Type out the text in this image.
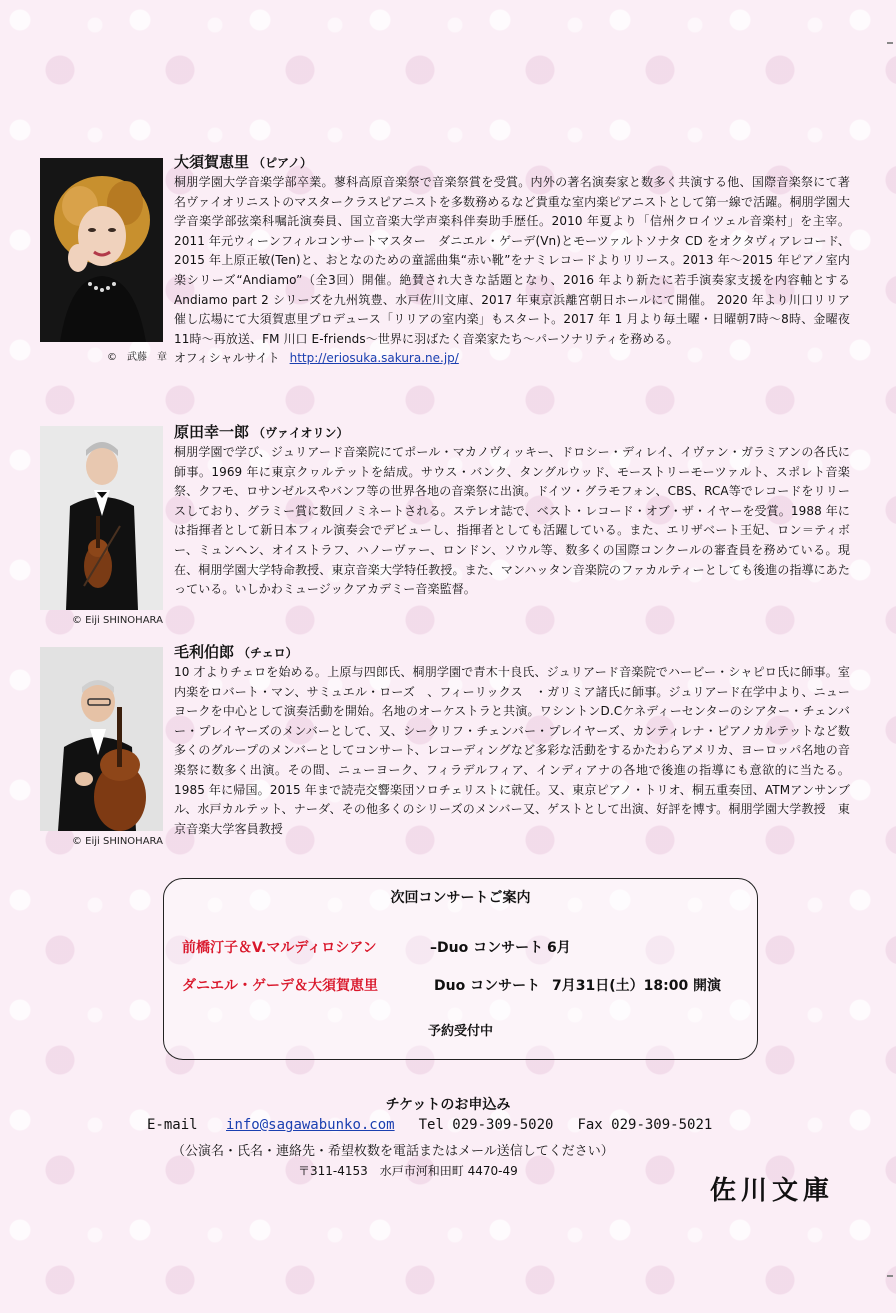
©　武藤　章

大須賀恵里 （ピアノ）

桐朋学園大学音楽学部卒業。蓼科高原音楽祭で音楽祭賞を受賞。内外の著名演奏家と数多く共演する他、国際音楽祭にて著名ヴァイオリニストのマスタークラスピアニストを多数務めるなど貴重な室内楽ピアニストとして第一線で活躍。桐朋学園大学音楽学部弦楽科嘱託演奏員、国立音楽大学声楽科伴奏助手歴任。2010 年夏より「信州クロイツェル音楽村」を主宰。2011 年元ウィーンフィルコンサートマスター　ダニエル・ゲーデ(Vn)とモーツァルトソナタ CD をオクタヴィアレコード、2015 年上原正敏(Ten)と、おとなのための童謡曲集“赤い靴”をナミレコードよりリリース。2013 年～2015 年ピアノ室内楽シリーズ“Andiamo”（全3回）開催。絶賛され大きな話題となり、2016 年より新たに若手演奏家支援を内容軸とする Andiamo part 2 シリーズを九州筑豊、水戸佐川文庫、2017 年東京浜離宮朝日ホールにて開催。 2020 年より川口リリア催し広場にて大須賀恵里プロデュース「リリアの室内楽」もスタート。2017 年 1 月より毎土曜・日曜朝7時～8時、金曜夜11時～再放送、FM 川口 E-friends～世界に羽ばたく音楽家たち～パーソナリティを務める。

オフィシャルサイト http://eriosuka.sakura.ne.jp/

© Eiji SHINOHARA

原田幸一郎 （ヴァイオリン）

桐朋学園で学び、ジュリアード音楽院にてポール・マカノヴィッキー、ドロシー・ディレイ、イヴァン・ガラミアンの各氏に師事。1969 年に東京クヮルテットを結成。サウス・バンク、タングルウッド、モーストリーモーツァルト、スポレト音楽祭、クフモ、ロサンゼルスやバンフ等の世界各地の音楽祭に出演。ドイツ・グラモフォン、CBS、RCA等でレコードをリリースしており、グラミー賞に数回ノミネートされる。ステレオ誌で、ベスト・レコード・オブ・ザ・イヤーを受賞。1988 年には指揮者として新日本フィル演奏会でデビューし、指揮者としても活躍している。また、エリザベート王妃、ロン＝ティボー、ミュンヘン、オイストラフ、ハノーヴァー、ロンドン、ソウル等、数多くの国際コンクールの審査員を務めている。現在、桐朋学園大学特命教授、東京音楽大学特任教授。また、マンハッタン音楽院のファカルティーとしても後進の指導にあたっている。いしかわミュージックアカデミー音楽監督。

© Eiji SHINOHARA

毛利伯郎 （チェロ）

10 才よりチェロを始める。上原与四郎氏、桐朋学園で青木十良氏、ジュリアード音楽院でハービー・シャピロ氏に師事。室内楽をロバート・マン、サミュエル・ローズ　、フィーリックス　・ガリミア諸氏に師事。ジュリアード在学中より、ニューヨークを中心として演奏活動を開始。名地のオーケストラと共演。ワシントンD.Cケネディーセンターのシアター・チェンバー・プレイヤーズのメンバーとして、又、シークリフ・チェンバー・プレイヤーズ、カンティレナ・ピアノカルテットなど数多くのグループのメンバーとしてコンサート、レコーディングなど多彩な活動をするかたわらアメリカ、ヨーロッパ名地の音楽祭に数多く出演。その間、ニューヨーク、フィラデルフィア、インディアナの各地で後進の指導にも意欲的に当たる。1985 年に帰国。2015 年まで読売交響楽団ソロチェリストに就任。又、東京ピアノ・トリオ、桐五重奏団、ATMアンサンブル、水戸カルテット、ナーダ、その他多くのシリーズのメンバー又、ゲストとして出演、好評を博す。桐朋学園大学教授　東京音楽大学客員教授

次回コンサートご案内
前橋汀子＆V.マルディロシアン	–Duo コンサート 6月
ダニエル・ゲーデ＆大須賀恵里	Duo コンサート 7月31日(土）18:00 開演
予約受付中
チケットのお申込み
E-mail info@sagawabunko.com Tel 029-309-5020 Fax 029-309-5021
（公演名・氏名・連絡先・希望枚数を電話またはメール送信してください）
〒311-4153　水戸市河和田町 4470-49
佐川文庫
